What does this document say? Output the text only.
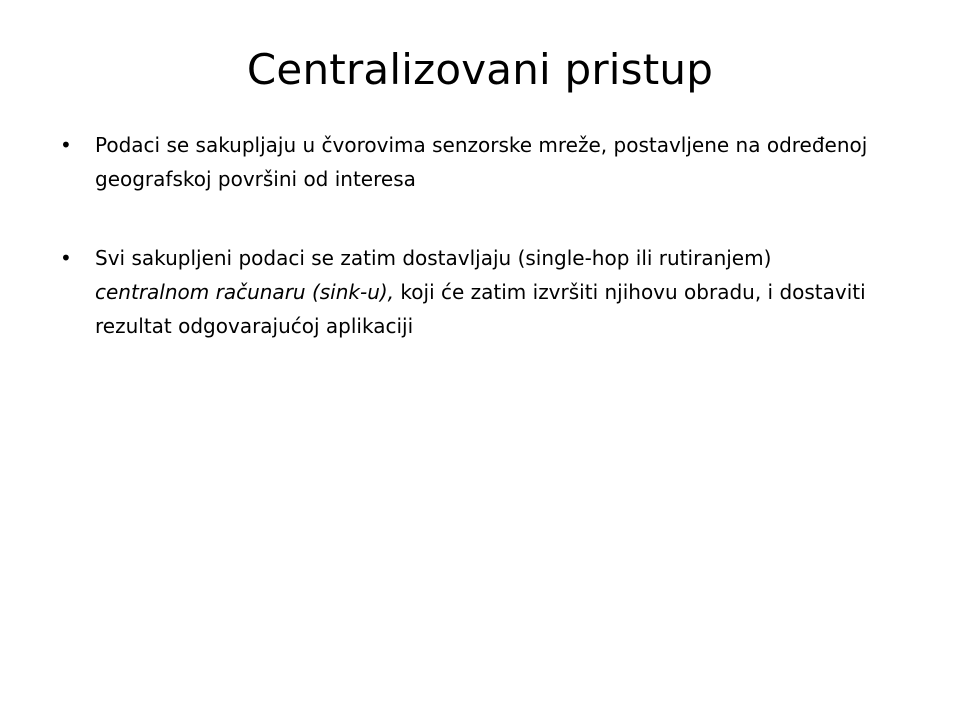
Centralizovani pristup
• Podaci se sakupljaju u čvorovima senzorske mreže, postavljene na određenoj geografskoj površini od interesa
• Svi sakupljeni podaci se zatim dostavljaju (single-hop ili rutiranjem) centralnom računaru (sink-u), koji će zatim izvršiti njihovu obradu, i dostaviti rezultat odgovarajućoj aplikaciji
